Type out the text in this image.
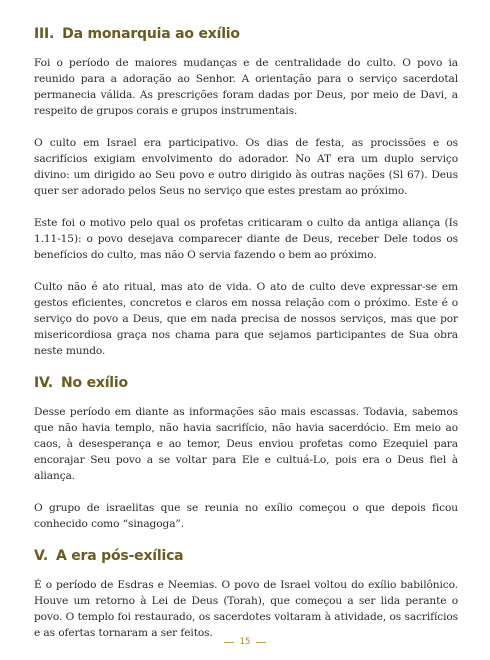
III. Da monarquia ao exílio

Foi o período de maiores mudanças e de centralidade do culto. O povo ia reunido para a adoração ao Senhor. A orientação para o serviço sacerdotal permanecia válida. As prescrições foram dadas por Deus, por meio de Davi, a respeito de grupos corais e grupos instrumentais.

O culto em Israel era participativo. Os dias de festa, as procissões e os sacrifícios exigiam envolvimento do adorador. No AT era um duplo serviço divino: um dirigido ao Seu povo e outro dirigido às outras nações (Sl 67). Deus quer ser adorado pelos Seus no serviço que estes prestam ao próximo.

Este foi o motivo pelo qual os profetas criticaram o culto da antiga aliança (Is 1.11-15): o povo desejava comparecer diante de Deus, receber Dele todos os benefícios do culto, mas não O servia fazendo o bem ao próximo.

Culto não é ato ritual, mas ato de vida. O ato de culto deve expressar-se em gestos eficientes, concretos e claros em nossa relação com o próximo. Este é o serviço do povo a Deus, que em nada precisa de nossos serviços, mas que por misericordiosa graça nos chama para que sejamos participantes de Sua obra neste mundo.

IV. No exílio

Desse período em diante as informações são mais escassas. Todavia, sabemos que não havia templo, não havia sacrifício, não havia sacerdócio. Em meio ao caos, à desesperança e ao temor, Deus enviou profetas como Ezequiel para encorajar Seu povo a se voltar para Ele e cultuá-Lo, pois era o Deus fiel à aliança.

O grupo de israelitas que se reunia no exílio começou o que depois ficou conhecido como “sinagoga”.

V. A era pós-exílica

É o período de Esdras e Neemias. O povo de Israel voltou do exílio babilônico. Houve um retorno à Lei de Deus (Torah), que começou a ser lida perante o povo. O templo foi restaurado, os sacerdotes voltaram à atividade, os sacrifícios e as ofertas tornaram a ser feitos.

15
